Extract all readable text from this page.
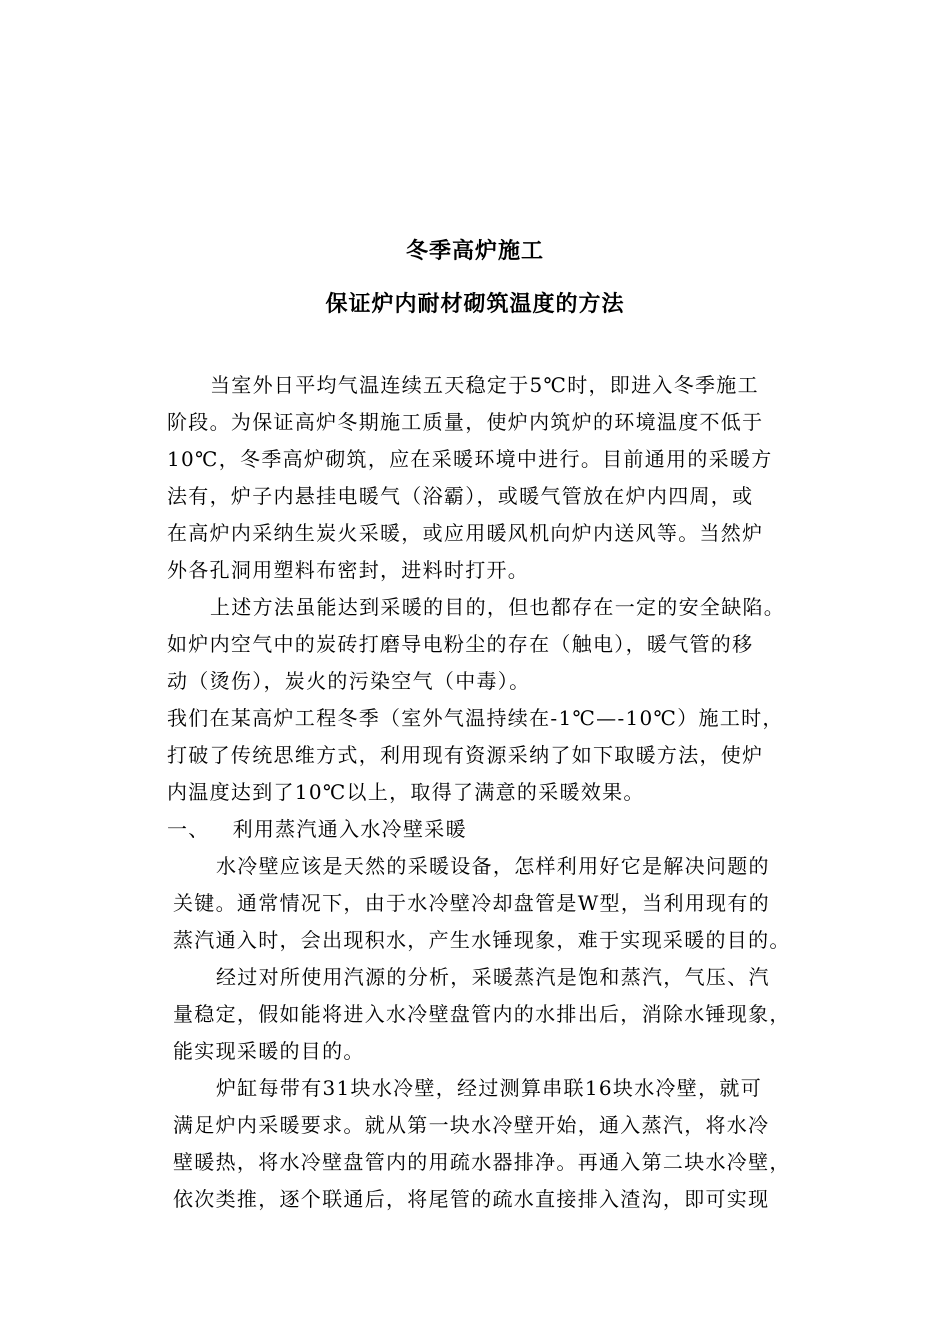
冬季高炉施工
保证炉内耐材砌筑温度的方法
当室外日平均气温连续五天稳定于5℃时，即进入冬季施工
阶段。为保证高炉冬期施工质量，使炉内筑炉的环境温度不低于
10℃，冬季高炉砌筑，应在采暖环境中进行。目前通用的采暖方
法有，炉子内悬挂电暖气（浴霸），或暖气管放在炉内四周，或
在高炉内采纳生炭火采暖，或应用暖风机向炉内送风等。当然炉
外各孔洞用塑料布密封，进料时打开。
上述方法虽能达到采暖的目的，但也都存在一定的安全缺陷。
如炉内空气中的炭砖打磨导电粉尘的存在（触电），暖气管的移
动（烫伤），炭火的污染空气（中毒）。
我们在某高炉工程冬季（室外气温持续在-1℃—-10℃）施工时，
打破了传统思维方式，利用现有资源采纳了如下取暖方法，使炉
内温度达到了10℃以上，取得了满意的采暖效果。
一、   利用蒸汽通入水冷壁采暖
水冷壁应该是天然的采暖设备，怎样利用好它是解决问题的
关键。通常情况下，由于水冷壁冷却盘管是W型，当利用现有的
蒸汽通入时，会出现积水，产生水锤现象，难于实现采暖的目的。
经过对所使用汽源的分析，采暖蒸汽是饱和蒸汽，气压、汽
量稳定，假如能将进入水冷壁盘管内的水排出后，消除水锤现象，
能实现采暖的目的。
炉缸每带有31块水冷壁，经过测算串联16块水冷壁，就可
满足炉内采暖要求。就从第一块水冷壁开始，通入蒸汽，将水冷
壁暖热，将水冷壁盘管内的用疏水器排净。再通入第二块水冷壁，
依次类推，逐个联通后，将尾管的疏水直接排入渣沟，即可实现
